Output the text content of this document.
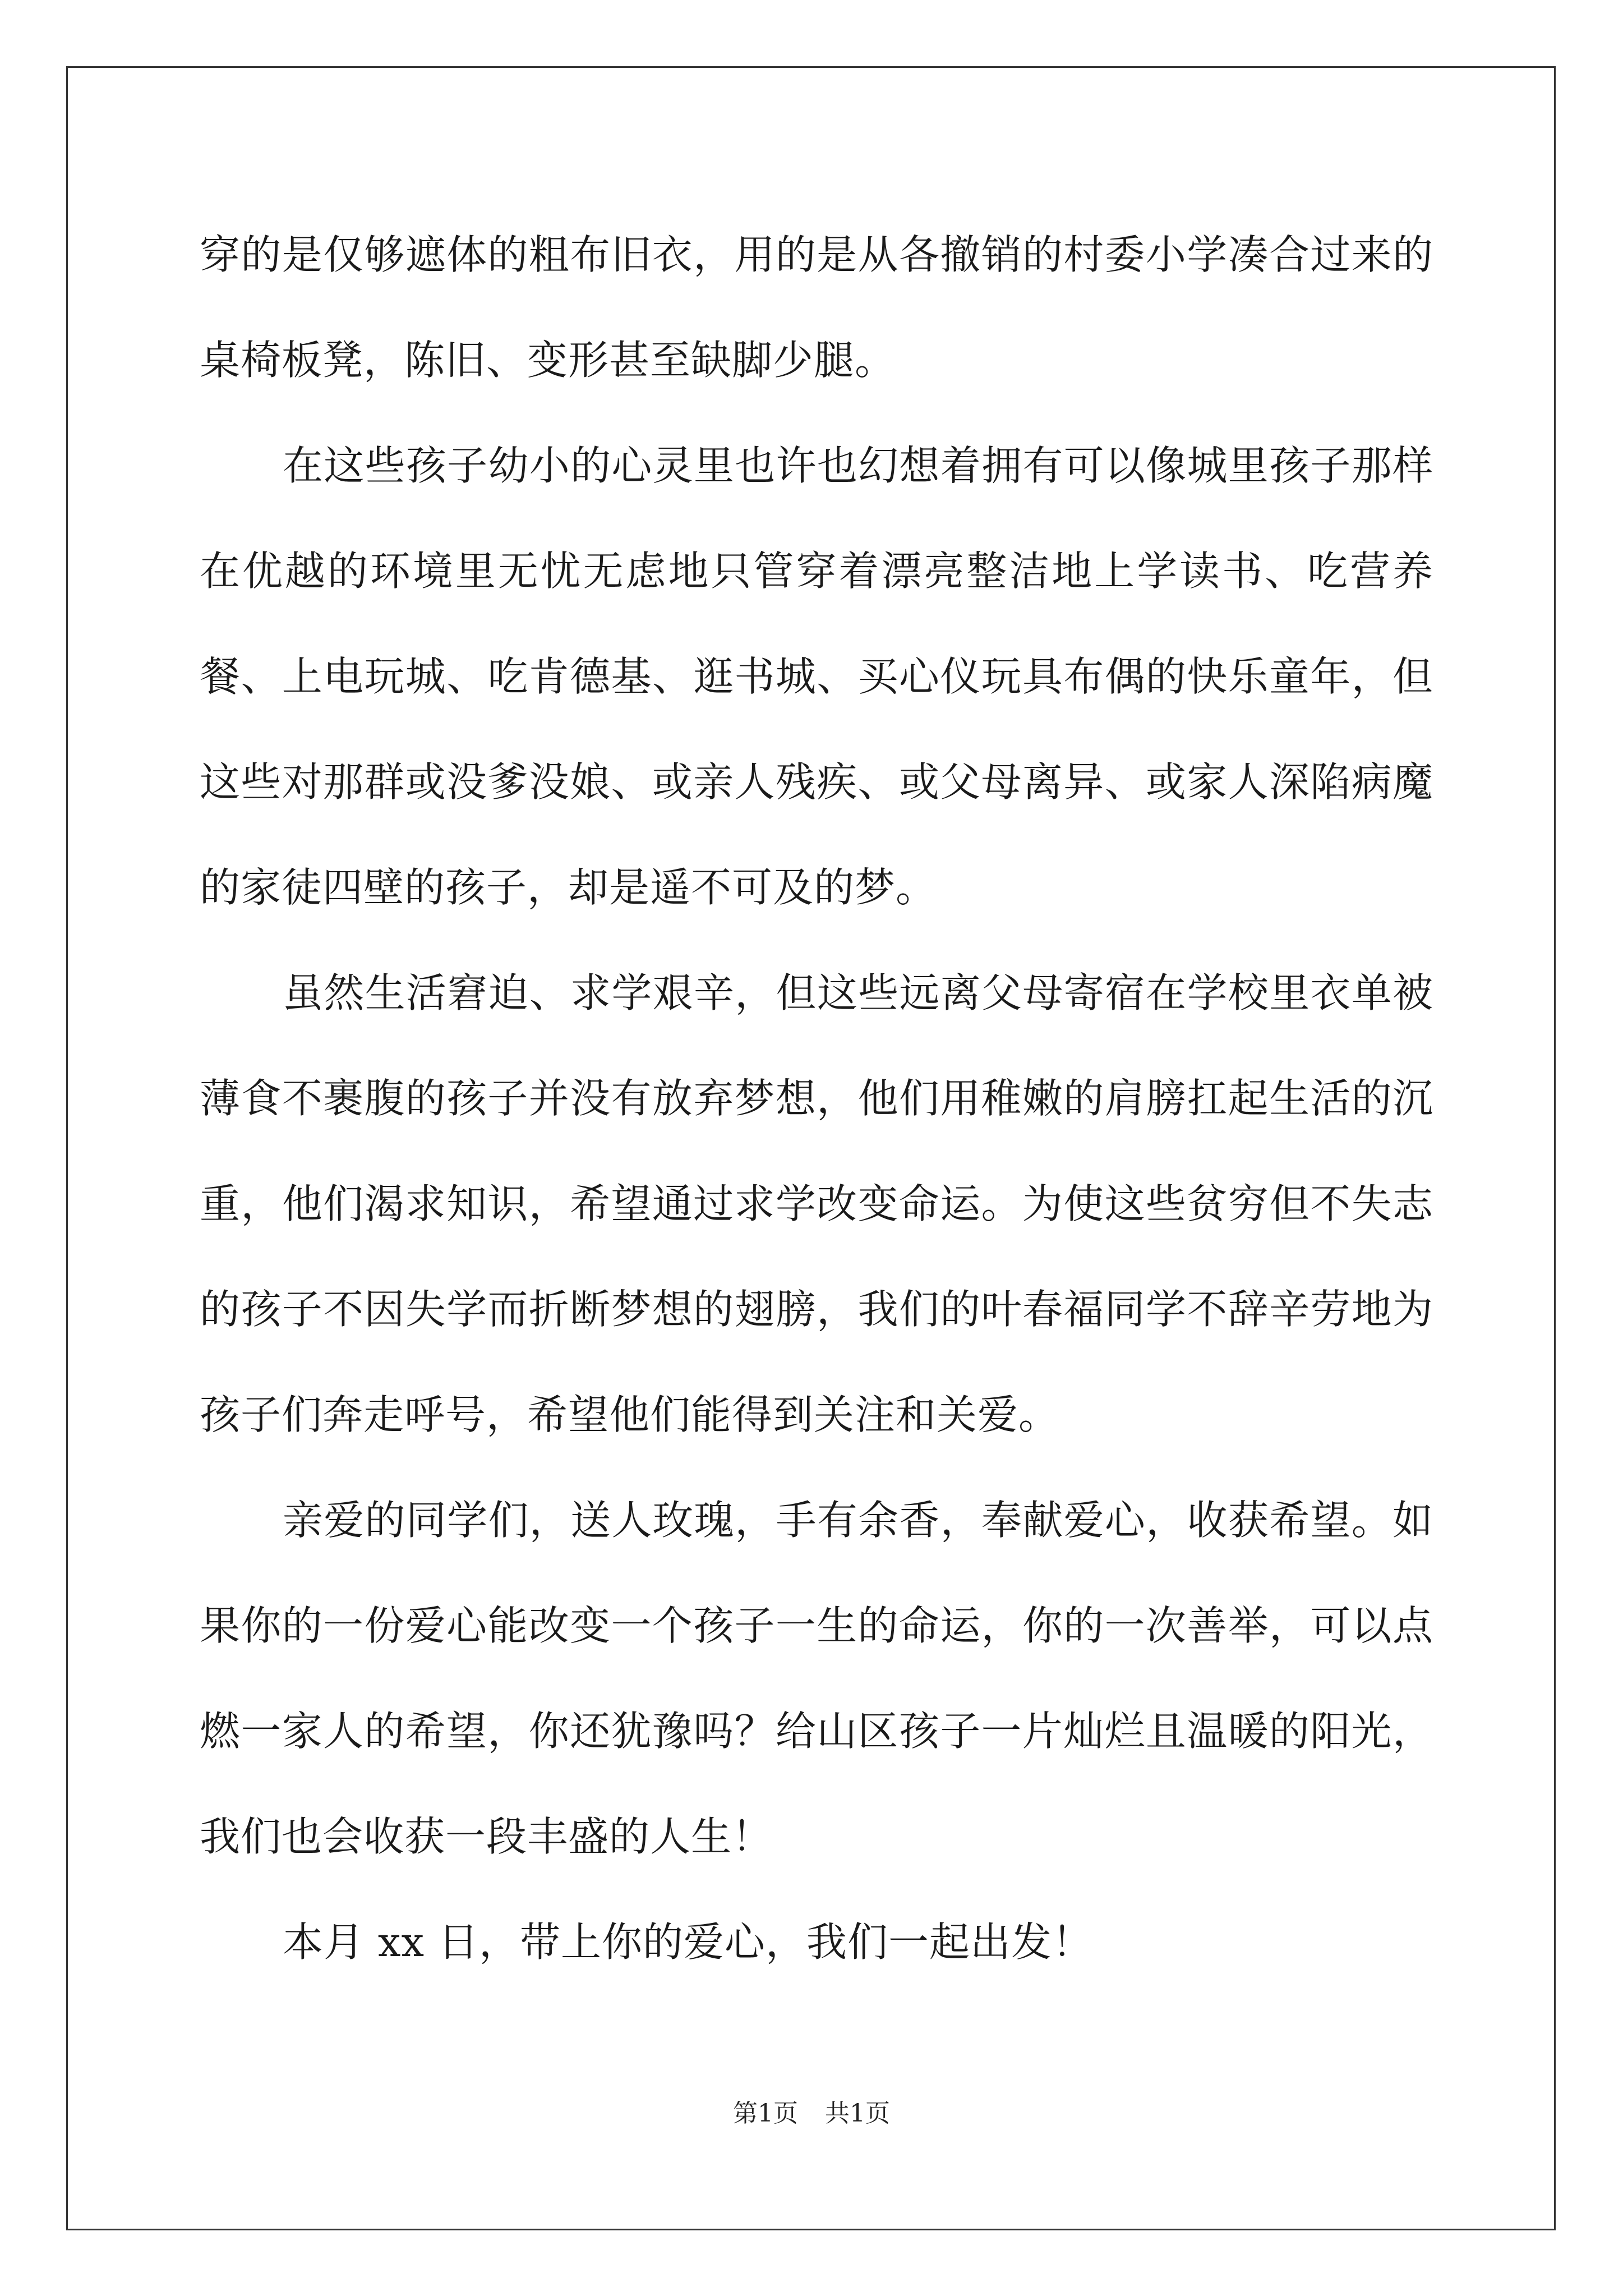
穿的是仅够遮体的粗布旧衣，用的是从各撤销的村委小学凑合过来的桌椅板凳，陈旧、变形甚至缺脚少腿。

在这些孩子幼小的心灵里也许也幻想着拥有可以像城里孩子那样在优越的环境里无忧无虑地只管穿着漂亮整洁地上学读书、吃营养餐、上电玩城、吃肯德基、逛书城、买心仪玩具布偶的快乐童年，但这些对那群或没爹没娘、或亲人残疾、或父母离异、或家人深陷病魔的家徒四壁的孩子，却是遥不可及的梦。

虽然生活窘迫、求学艰辛，但这些远离父母寄宿在学校里衣单被薄食不裹腹的孩子并没有放弃梦想，他们用稚嫩的肩膀扛起生活的沉重，他们渴求知识，希望通过求学改变命运。为使这些贫穷但不失志的孩子不因失学而折断梦想的翅膀，我们的叶春福同学不辞辛劳地为孩子们奔走呼号，希望他们能得到关注和关爱。

亲爱的同学们，送人玫瑰，手有余香，奉献爱心，收获希望。如果你的一份爱心能改变一个孩子一生的命运，你的一次善举，可以点燃一家人的希望，你还犹豫吗？给山区孩子一片灿烂且温暖的阳光，我们也会收获一段丰盛的人生！

本月 xx 日，带上你的爱心，我们一起出发！

第1页 共1页
